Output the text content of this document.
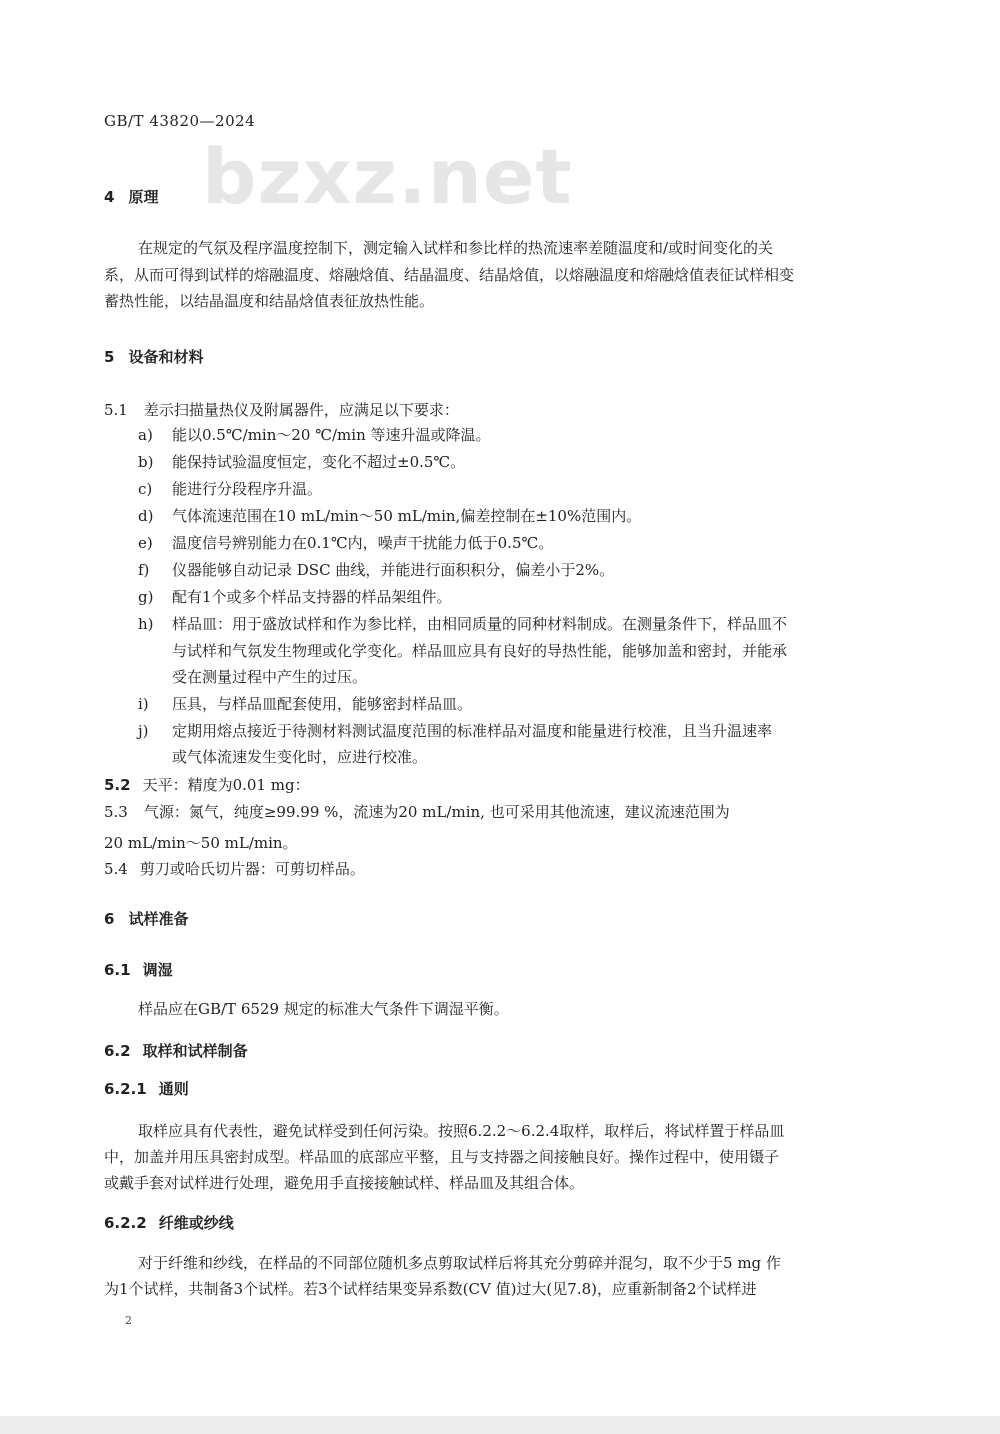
GB/T 43820—2024
bzxz.net
4 原理
在规定的气氛及程序温度控制下，测定输入试样和参比样的热流速率差随温度和/或时间变化的关
系，从而可得到试样的熔融温度、熔融焓值、结晶温度、结晶焓值，以熔融温度和熔融焓值表征试样相变
蓄热性能，以结晶温度和结晶焓值表征放热性能。
5 设备和材料
5.1 差示扫描量热仪及附属器件，应满足以下要求：
a) 能以0.5℃/min～20 ℃/min 等速升温或降温。
b) 能保持试验温度恒定，变化不超过±0.5℃。
c) 能进行分段程序升温。
d) 气体流速范围在10 mL/min～50 mL/min,偏差控制在±10%范围内。
e) 温度信号辨别能力在0.1℃内，噪声干扰能力低于0.5℃。
f) 仪器能够自动记录 DSC 曲线，并能进行面积积分，偏差小于2%。
g) 配有1个或多个样品支持器的样品架组件。
h) 样品皿：用于盛放试样和作为参比样，由相同质量的同种材料制成。在测量条件下，样品皿不
与试样和气氛发生物理或化学变化。样品皿应具有良好的导热性能，能够加盖和密封，并能承
受在测量过程中产生的过压。
i) 压具，与样品皿配套使用，能够密封样品皿。
j) 定期用熔点接近于待测材料测试温度范围的标准样品对温度和能量进行校准，且当升温速率
或气体流速发生变化时，应进行校准。
5.2 天平：精度为0.01 mg：
5.3 气源：氮气，纯度≥99.99 %，流速为20 mL/min, 也可采用其他流速，建议流速范围为
20 mL/min～50 mL/min。
5.4 剪刀或哈氏切片器：可剪切样品。
6 试样准备
6.1 调湿
样品应在GB/T 6529 规定的标准大气条件下调湿平衡。
6.2 取样和试样制备
6.2.1 通则
取样应具有代表性，避免试样受到任何污染。按照6.2.2～6.2.4取样，取样后，将试样置于样品皿
中，加盖并用压具密封成型。样品皿的底部应平整，且与支持器之间接触良好。操作过程中，使用镊子
或戴手套对试样进行处理，避免用手直接接触试样、样品皿及其组合体。
6.2.2 纤维或纱线
对于纤维和纱线，在样品的不同部位随机多点剪取试样后将其充分剪碎并混匀，取不少于5 mg 作
为1个试样，共制备3个试样。若3个试样结果变异系数(CV 值)过大(见7.8)，应重新制备2个试样进
2
